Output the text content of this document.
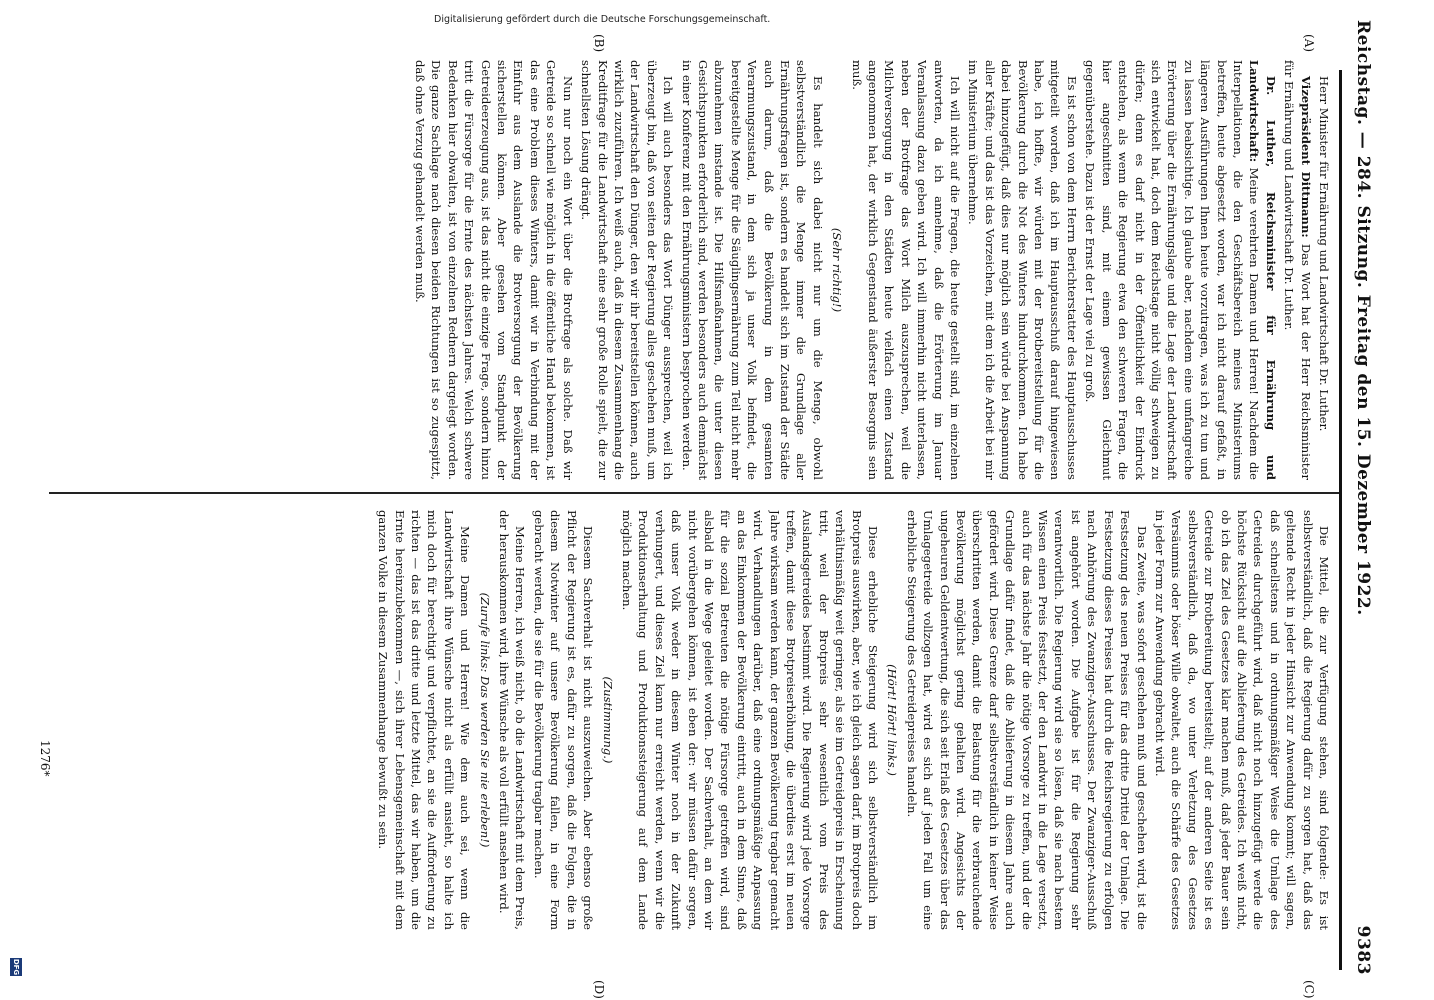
Reichstag. — 284. Sitzung. Freitag den 15. Dezember 1922.
9383
(A)
(B)
(C)
(D)

Herr Minister für Ernährung und Landwirtschaft Dr. Luther.

Vizepräsident Dittmann: Das Wort hat der Herr Reichsminister für Ernährung und Landwirtschaft Dr. Luther.

Dr. Luther, Reichsminister für Ernährung und Landwirtschaft: Meine verehrten Damen und Herren! Nachdem die Interpellationen, die den Geschäftsbereich meines Ministeriums betreffen, heute abgesetzt worden, war ich nicht darauf gefaßt, in längeren Ausführungen Ihnen heute vorzutragen, was ich zu tun und zu lassen beabsichtige. Ich glaube aber, nachdem eine umfangreiche Erörterung über die Ernährungslage und die Lage der Landwirtschaft sich entwickelt hat, doch dem Reichstage nicht völlig schweigen zu dürfen; denn es darf nicht in der Öffentlichkeit der Eindruck entstehen, als wenn die Regierung etwa den schweren Fragen, die hier angeschnitten sind, mit einem gewissen Gleichmut gegenüberstehe. Dazu ist der Ernst der Lage viel zu groß.

Es ist schon von dem Herrn Berichterstatter des Hauptausschusses mitgeteilt worden, daß ich im Hauptausschuß darauf hingewiesen habe, ich hoffte, wir würden mit der Brotbereitstellung für die Bevölkerung durch die Not des Winters hindurchkommen. Ich habe dabei hinzugefügt, daß dies nur möglich sein würde bei Anspannung aller Kräfte; und das ist das Vorzeichen, mit dem ich die Arbeit bei mir im Ministerium übernehme.

Ich will nicht auf die Fragen, die heute gestellt sind, im einzelnen antworten, da ich annehme, daß die Erörterung im Januar Veranlassung dazu geben wird. Ich will immerhin nicht unterlassen, neben der Brotfrage das Wort Milch auszusprechen, weil die Milchversorgung in den Städten heute vielfach einen Zustand angenommen hat, der wirklich Gegenstand äußerster Besorgnis sein muß.

(Sehr richtig!)

Es handelt sich dabei nicht nur um die Menge, obwohl selbstverständlich die Menge immer die Grundlage aller Ernährungsfragen ist, sondern es handelt sich im Zustand der Städte auch darum, daß die Bevölkerung in dem gesamten Verarmungszustand, in dem sich ja unser Volk befindet, die bereitgestellte Menge für die Säuglingsernährung zum Teil nicht mehr abzunehmen imstande ist. Die Hilfsmaßnahmen, die unter diesen Gesichtspunkten erforderlich sind, werden besonders auch demnächst in einer Konferenz mit den Ernährungsministern besprochen werden.

Ich will auch besonders das Wort Dünger aussprechen, weil ich überzeugt bin, daß von seiten der Regierung alles geschehen muß, um der Landwirtschaft den Dünger, den wir ihr bereitstellen können, auch wirklich zuzuführen. Ich weiß auch, daß in diesem Zusammenhang die Kreditfrage für die Landwirtschaft eine sehr große Rolle spielt, die zur schnellsten Lösung drängt.

Nun nur noch ein Wort über die Brotfrage als solche. Daß wir Getreide so schnell wie möglich in die öffentliche Hand bekommen, ist das eine Problem dieses Winters, damit wir in Verbindung mit der Einfuhr aus dem Auslande die Brotversorgung der Bevölkerung sicherstellen können. Aber gesehen vom Standpunkt der Getreideerzeugung aus, ist das nicht die einzige Frage, sondern hinzu tritt die Fürsorge für die Ernte des nächsten Jahres. Welch schwere Bedenken hier obwalten, ist von einzelnen Rednern dargelegt worden. Die ganze Sachlage nach diesen beiden Richtungen ist so zugespitzt, daß ohne Verzug gehandelt werden muß.

Die Mittel, die zur Verfügung stehen, sind folgende: Es ist selbstverständlich, daß die Regierung dafür zu sorgen hat, daß das geltende Recht in jeder Hinsicht zur Anwendung kommt; will sagen, daß schnellstens und in ordnungsmäßiger Weise die Umlage des Getreides durchgeführt wird, daß nicht noch hinzugefügt werde die höchste Rücksicht auf die Ablieferung des Getreides. Ich weiß nicht, ob ich das Ziel des Gesetzes klar machen muß, daß jeder Bauer sein Getreide zur Brotbereitung bereitstellt; auf der anderen Seite ist es selbstverständlich, daß da, wo unter Verletzung des Gesetzes Versäumnis oder böser Wille obwaltet, auch die Schärfe des Gesetzes in jeder Form zur Anwendung gebracht wird.

Das Zweite, was sofort geschehen muß und geschehen wird, ist die Festsetzung des neuen Preises für das dritte Drittel der Umlage. Die Festsetzung dieses Preises hat durch die Reichsregierung zu erfolgen nach Anhörung des Zwanziger-Ausschusses. Der Zwanziger-Ausschuß ist angehört worden. Die Aufgabe ist für die Regierung sehr verantwortlich. Die Regierung wird sie so lösen, daß sie nach bestem Wissen einen Preis festsetzt, der den Landwirt in die Lage versetzt, auch für das nächste Jahr die nötige Vorsorge zu treffen, und der die Grundlage dafür findet, daß die Ablieferung in diesem Jahre auch gefördert wird. Diese Grenze darf selbstverständlich in keiner Weise überschritten werden, damit die Belastung für die verbrauchende Bevölkerung möglichst gering gehalten wird. Angesichts der ungeheuren Geldentwertung, die sich seit Erlaß des Gesetzes über das Umlagegetreide vollzogen hat, wird es sich auf jeden Fall um eine erhebliche Steigerung des Getreidepreises handeln.

(Hört! Hört! links.)

Diese erhebliche Steigerung wird sich selbstverständlich im Brotpreis auswirken, aber, wie ich gleich sagen darf, im Brotpreis doch verhältnismäßig weit geringer, als sie im Getreidepreis in Erscheinung tritt, weil der Brotpreis sehr wesentlich vom Preis des Auslandsgetreides bestimmt wird. Die Regierung wird jede Vorsorge treffen, damit diese Brotpreiserhöhung, die überdies erst im neuen Jahre wirksam werden kann, der ganzen Bevölkerung tragbar gemacht wird. Verhandlungen darüber, daß eine ordnungsmäßige Anpassung an das Einkommen der Bevölkerung eintritt, auch in dem Sinne, daß für die sozial Betreuten die nötige Fürsorge getroffen wird, sind alsbald in die Wege geleitet worden. Der Sachverhalt, an dem wir nicht vorübergehen können, ist eben der: wir müssen dafür sorgen, daß unser Volk weder in diesem Winter noch in der Zukunft verhungert, und dieses Ziel kann nur erreicht werden, wenn wir die Produktionserhaltung und Produktionssteigerung auf dem Lande möglich machen.

(Zustimmung.)

Diesem Sachverhalt ist nicht auszuweichen. Aber ebenso große Pflicht der Regierung ist es, dafür zu sorgen, daß die Folgen, die in diesem Notwinter auf unsere Bevölkerung fallen, in eine Form gebracht werden, die sie für die Bevölkerung tragbar machen.

Meine Herren, ich weiß nicht, ob die Landwirtschaft mit dem Preis, der herauskommen wird, ihre Wünsche als voll erfüllt ansehen wird.

(Zurufe links: Das werden Sie nie erleben!)

Meine Damen und Herren! Wie dem auch sei, wenn die Landwirtschaft ihre Wünsche nicht als erfüllt ansieht, so halte ich mich doch für berechtigt und verpflichtet, an sie die Aufforderung zu richten — das ist das dritte und letzte Mittel, das wir haben, um die Ernte hereinzubekommen —, sich ihrer Lebensgemeinschaft mit dem ganzen Volke in diesem Zusammenhange bewußt zu sein.

1276*
Digitalisierung gefördert durch die Deutsche Forschungsgemeinschaft.
DFG
